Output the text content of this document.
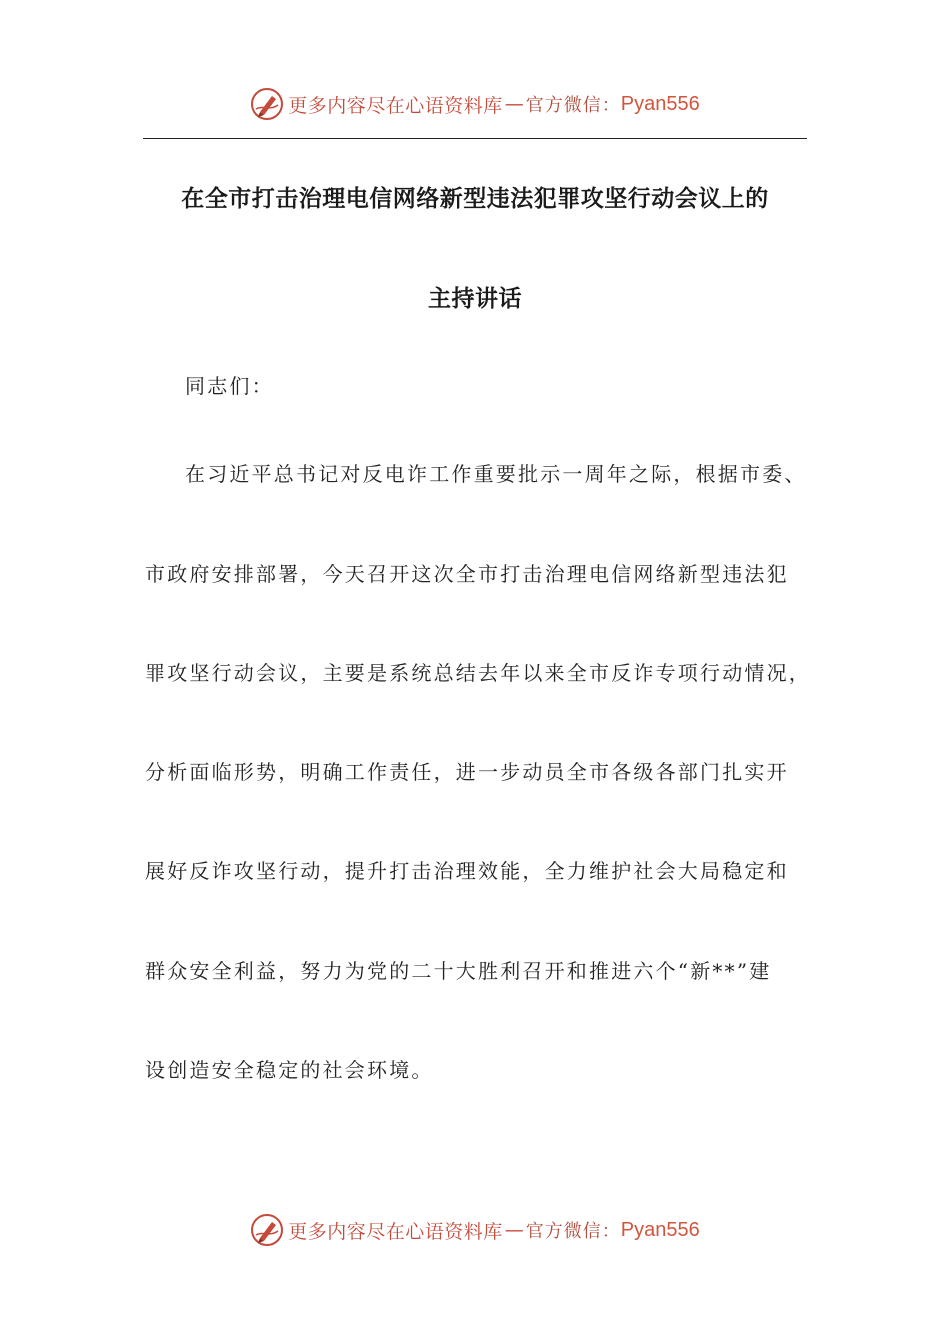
更多内容尽在心语资料库 — 官方微信： Pyan556
在全市打击治理电信网络新型违法犯罪攻坚行动会议上的
主持讲话
同志们：
在习近平总书记对反电诈工作重要批示一周年之际，根据市委、
市政府安排部署，今天召开这次全市打击治理电信网络新型违法犯
罪攻坚行动会议，主要是系统总结去年以来全市反诈专项行动情况，
分析面临形势，明确工作责任，进一步动员全市各级各部门扎实开
展好反诈攻坚行动，提升打击治理效能，全力维护社会大局稳定和
群众安全利益，努力为党的二十大胜利召开和推进六个“新**”建
设创造安全稳定的社会环境。
更多内容尽在心语资料库 — 官方微信： Pyan556
